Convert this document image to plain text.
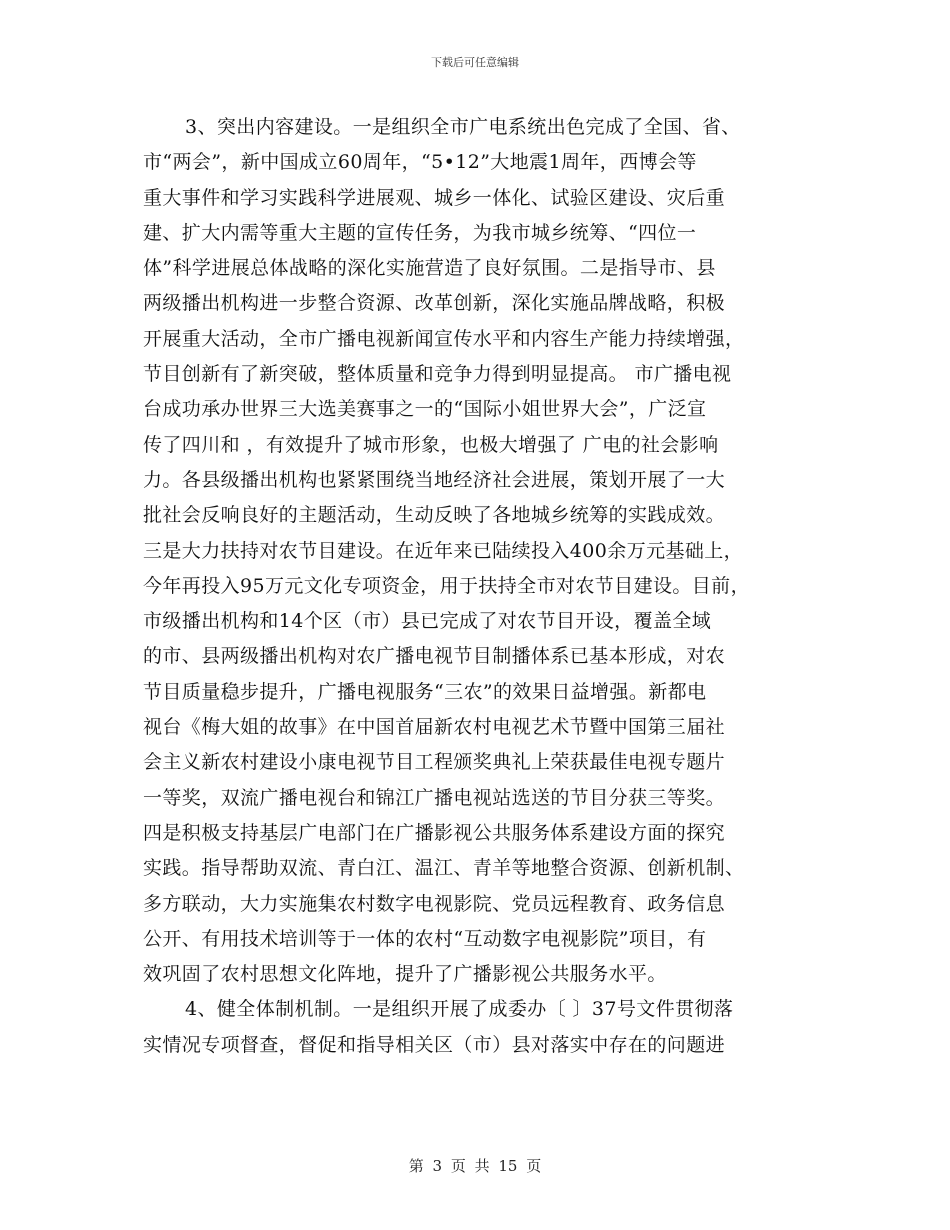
下载后可任意编辑
3、突出内容建设。一是组织全市广电系统出色完成了全国、省、
市“两会”，新中国成立60周年，“5•12”大地震1周年，西博会等
重大事件和学习实践科学进展观、城乡一体化、试验区建设、灾后重
建、扩大内需等重大主题的宣传任务，为我市城乡统筹、“四位一
体”科学进展总体战略的深化实施营造了良好氛围。二是指导市、县
两级播出机构进一步整合资源、改革创新，深化实施品牌战略，积极
开展重大活动，全市广播电视新闻宣传水平和内容生产能力持续增强，
节目创新有了新突破，整体质量和竞争力得到明显提高。 市广播电视
台成功承办世界三大选美赛事之一的“国际小姐世界大会”，广泛宣
传了四川和 ，有效提升了城市形象，也极大增强了 广电的社会影响
力。各县级播出机构也紧紧围绕当地经济社会进展，策划开展了一大
批社会反响良好的主题活动，生动反映了各地城乡统筹的实践成效。
三是大力扶持对农节目建设。在近年来已陆续投入400余万元基础上，
今年再投入95万元文化专项资金，用于扶持全市对农节目建设。目前，
市级播出机构和14个区（市）县已完成了对农节目开设，覆盖全域
的市、县两级播出机构对农广播电视节目制播体系已基本形成，对农
节目质量稳步提升，广播电视服务“三农”的效果日益增强。新都电
视台《梅大姐的故事》在中国首届新农村电视艺术节暨中国第三届社
会主义新农村建设小康电视节目工程颁奖典礼上荣获最佳电视专题片
一等奖，双流广播电视台和锦江广播电视站选送的节目分获三等奖。
四是积极支持基层广电部门在广播影视公共服务体系建设方面的探究
实践。指导帮助双流、青白江、温江、青羊等地整合资源、创新机制、
多方联动，大力实施集农村数字电视影院、党员远程教育、政务信息
公开、有用技术培训等于一体的农村“互动数字电视影院”项目，有
效巩固了农村思想文化阵地，提升了广播影视公共服务水平。
4、健全体制机制。一是组织开展了成委办〔 〕37号文件贯彻落
实情况专项督查，督促和指导相关区（市）县对落实中存在的问题进
第 3 页 共 15 页
